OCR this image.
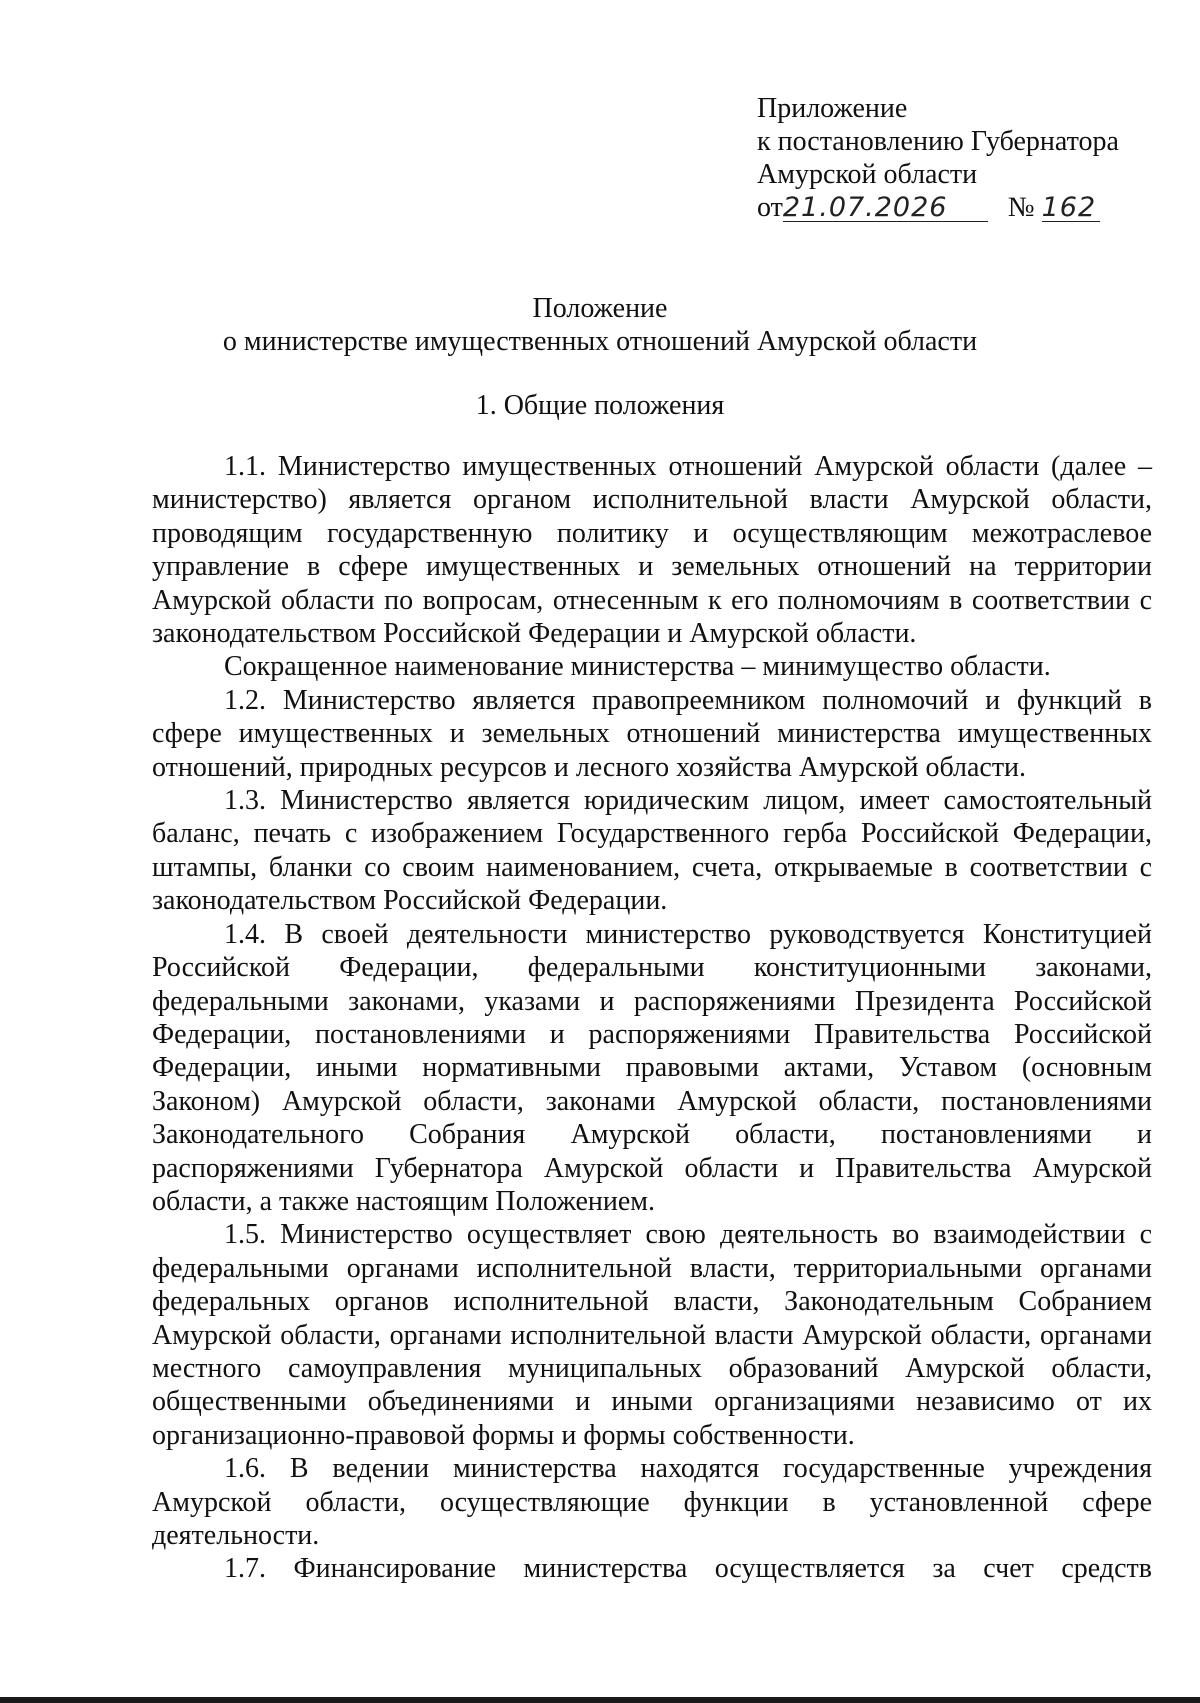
Приложение
к постановлению Губернатора
Амурской области
от21.07.2026 № 162
Положение
о министерстве имущественных отношений Амурской области
1. Общие положения

1.1. Министерство имущественных отношений Амурской области (далее – министерство) является органом исполнительной власти Амурской области, проводящим государственную политику и осуществляющим межотраслевое управление в сфере имущественных и земельных отношений на территории Амурской области по вопросам, отнесенным к его полномочиям в соответствии с законодательством Российской Федерации и Амурской области.

Сокращенное наименование министерства – минимущество области.

1.2. Министерство является правопреемником полномочий и функций в сфере имущественных и земельных отношений министерства имущественных отношений, природных ресурсов и лесного хозяйства Амурской области.

1.3. Министерство является юридическим лицом, имеет самостоятельный баланс, печать с изображением Государственного герба Российской Федерации, штампы, бланки со своим наименованием, счета, открываемые в соответствии с законодательством Российской Федерации.

1.4. В своей деятельности министерство руководствуется Конституцией Российской Федерации, федеральными конституционными законами, федеральными законами, указами и распоряжениями Президента Российской Федерации, постановлениями и распоряжениями Правительства Российской Федерации, иными нормативными правовыми актами, Уставом (основным Законом) Амурской области, законами Амурской области, постановлениями Законодательного Собрания Амурской области, постановлениями и распоряжениями Губернатора Амурской области и Правительства Амурской области, а также настоящим Положением.

1.5. Министерство осуществляет свою деятельность во взаимодействии с федеральными органами исполнительной власти, территориальными органами федеральных органов исполнительной власти, Законодательным Собранием Амурской области, органами исполнительной власти Амурской области, органами местного самоуправления муниципальных образований Амурской области, общественными объединениями и иными организациями независимо от их организационно-правовой формы и формы собственности.

1.6. В ведении министерства находятся государственные учреждения Амурской области, осуществляющие функции в установленной сфере деятельности.

1.7. Финансирование министерства осуществляется за счет средств
